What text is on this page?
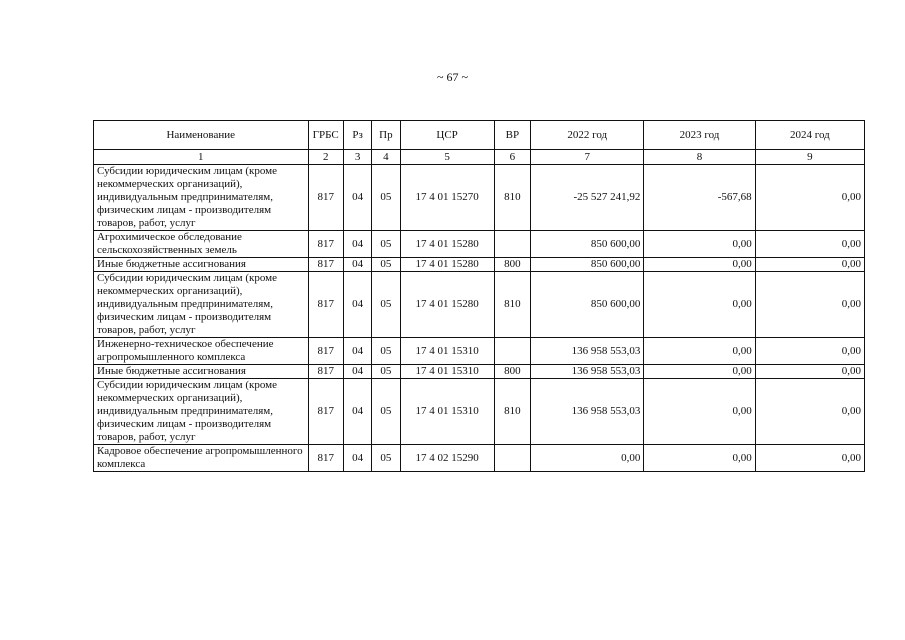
~ 67 ~
Наименование	ГРБС	Рз	Пр	ЦСР	ВР	2022 год	2023 год	2024 год
1	2	3	4	5	6	7	8	9
Субсидии юридическим лицам (кроме некоммерческих организаций), индивидуальным предпринимателям, физическим лицам - производителям товаров, работ, услуг	817	04	05	17 4 01 15270	810	-25 527 241,92	-567,68	0,00
Агрохимическое обследование сельскохозяйственных земель	817	04	05	17 4 01 15280		850 600,00	0,00	0,00
Иные бюджетные ассигнования	817	04	05	17 4 01 15280	800	850 600,00	0,00	0,00
Субсидии юридическим лицам (кроме некоммерческих организаций), индивидуальным предпринимателям, физическим лицам - производителям товаров, работ, услуг	817	04	05	17 4 01 15280	810	850 600,00	0,00	0,00
Инженерно-техническое обеспечение агропромышленного комплекса	817	04	05	17 4 01 15310		136 958 553,03	0,00	0,00
Иные бюджетные ассигнования	817	04	05	17 4 01 15310	800	136 958 553,03	0,00	0,00
Субсидии юридическим лицам (кроме некоммерческих организаций), индивидуальным предпринимателям, физическим лицам - производителям товаров, работ, услуг	817	04	05	17 4 01 15310	810	136 958 553,03	0,00	0,00
Кадровое обеспечение агропромышленного комплекса	817	04	05	17 4 02 15290		0,00	0,00	0,00
